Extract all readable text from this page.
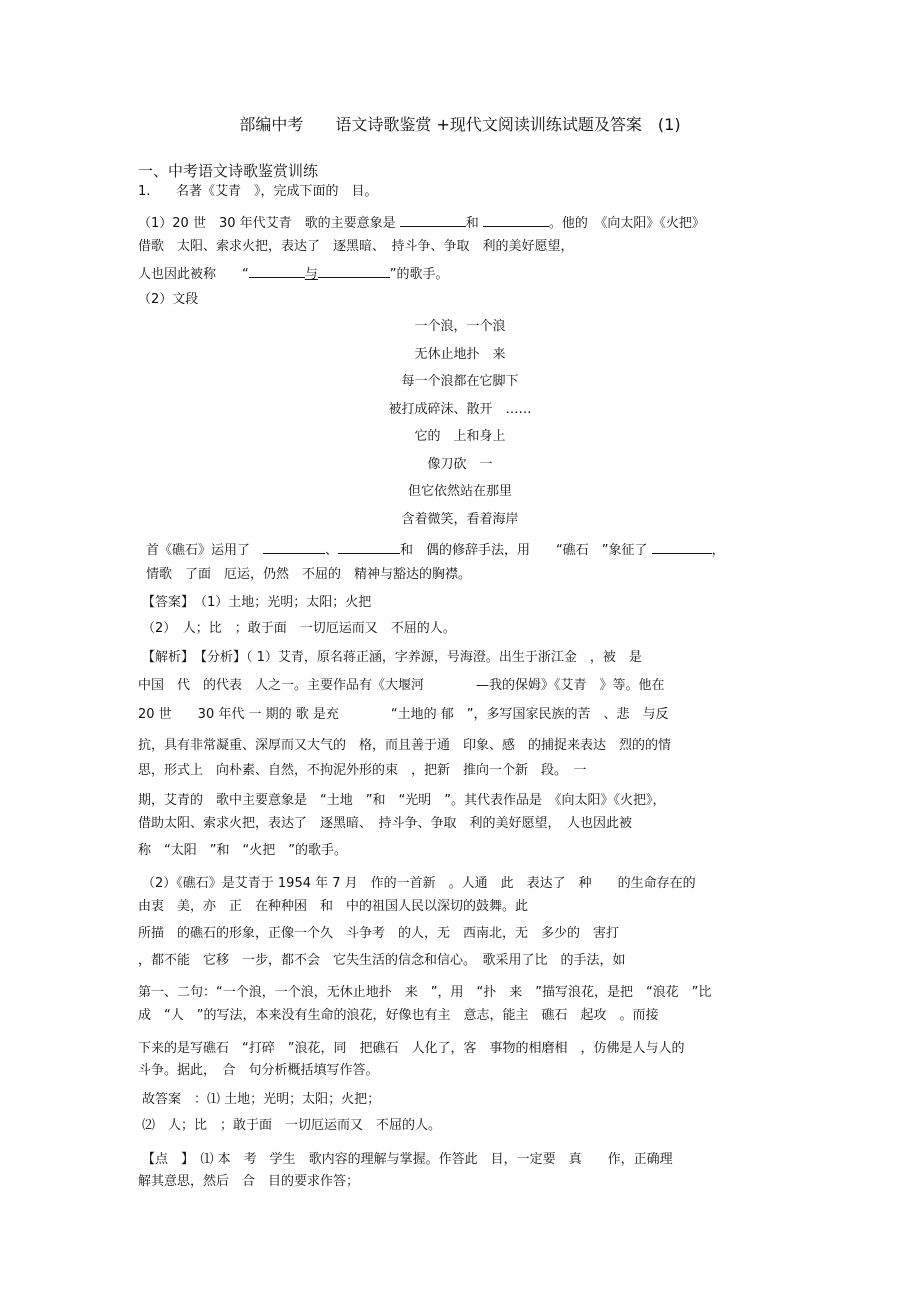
部编中考　　语文诗歌鉴赏 +现代文阅读训练试题及答案　(1)
一、中考语文诗歌鉴赏训练
1. 名著《艾青　》，完成下面的　目。
（1）20 世　30 年代艾青　歌的主要意象是	和	。他的　《向太阳》《火把》
借歌　太阳、索求火把，表达了　逐黑暗、　持斗争、争取　利的美好愿望，
人也因此被称　　“	与	”的歌手。
（2）文段
一个浪，一个浪
无休止地扑　来
每一个浪都在它脚下
被打成碎沫、散开　……
它的　上和身上
像刀砍　一
但它依然站在那里
含着微笑，看着海岸
首《礁石》运用了　	、	和　偶的修辞手法，用　　“礁石　”象征了	，
情歌　了面　厄运，仍然　不屈的　精神与豁达的胸襟。
【答案】　（1）土地；光明；太阳；火把
（2）　人；比　；敢于面　一切厄运而又　不屈的人。
【解析】　【分析】（ 1）艾青，原名蒋正涵，字养源，号海澄。出生于浙江金　，被　是
中国　代　的代表　人之一。主要作品有《大堰河　　　　—我的保姆》《艾青　》等。他在
20 世　　30 年代 一 期的 歌 是充　　　　“土地的 郁　”，多写国家民族的苦　、悲　与反
抗，具有非常凝重、深厚而又大气的　格，而且善于通　印象、感　的捕捉来表达　烈的的情
思，形式上　向朴素、自然，不拘泥外形的束　，把新　推向一个新　段。　一
期，艾青的　歌中主要意象是　“土地　”和　“光明　”。其代表作品是　《向太阳》《火把》，
借助太阳、索求火把，表达了　逐黑暗、　持斗争、争取　利的美好愿望，　人也因此被
称　“太阳　”和　“火把　”的歌手。
（2）《礁石》是艾青于 1954 年 7 月　作的一首新　。人通　此　表达了　种　　的生命存在的
由衷　美，亦　正　在种种困　和　中的祖国人民以深切的鼓舞。此
所描　的礁石的形象，正像一个久　斗争考　的人，无　西南北，无　多少的　害打
，都不能　它移　一步，都不会　它失生活的信念和信心。　歌采用了比　的手法，如
第一、二句：“一个浪，一个浪，无休止地扑　来　”，用　“扑　来　”描写浪花，是把　“浪花　”比
成　“人　”的写法，本来没有生命的浪花，好像也有主　意志，能主　礁石　起攻　。而接
下来的是写礁石　“打碎　”浪花，同　把礁石　人化了，客　事物的相磨相　，仿佛是人与人的
斗争。据此，　合　句分析概括填写作答。
故答案　：⑴ 土地；光明；太阳；火把；
⑵　人；比　；敢于面　一切厄运而又　不屈的人。
【点　】　⑴ 本　考　学生　歌内容的理解与掌握。作答此　目，一定要　真　　作，正确理
解其意思，然后　合　目的要求作答；
